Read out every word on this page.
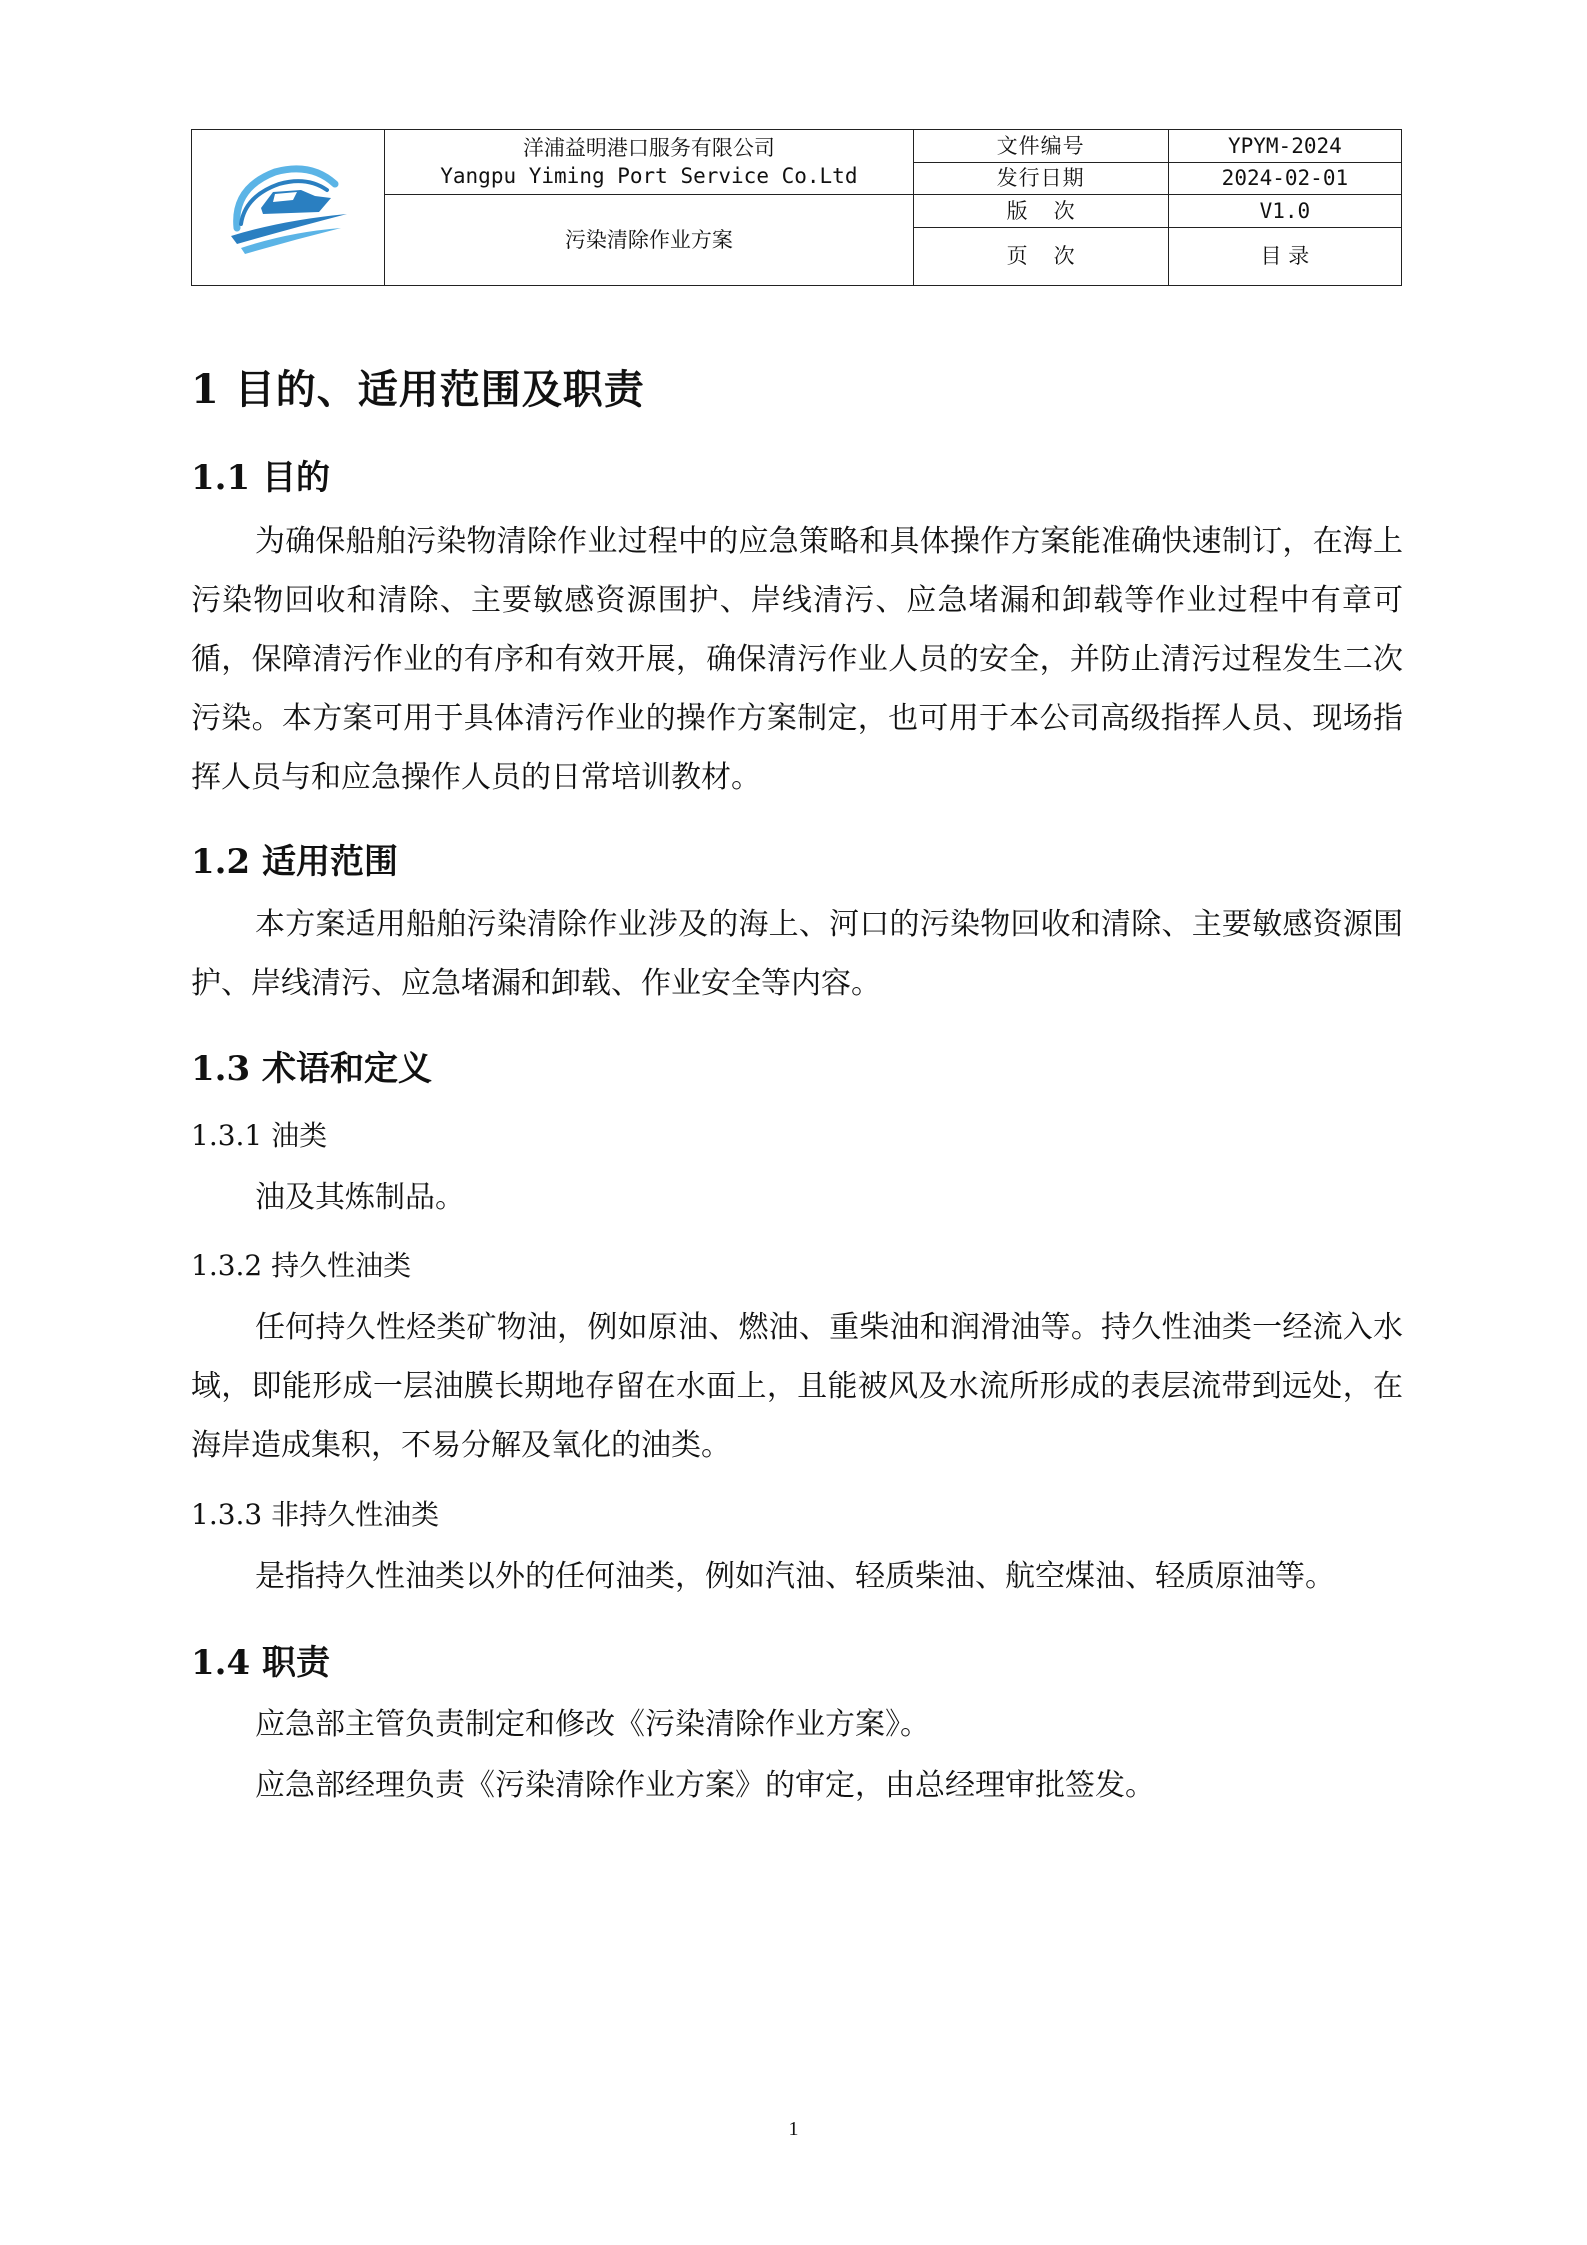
洋浦益明港口服务有限公司
Yangpu Yiming Port Service Co.Ltd	文件编号	YPYM-2024
		发行日期	2024-02-01
	污染清除作业方案	版次	V1.0
		页次	目 录
1 目的、适用范围及职责
1.1 目的

为确保船舶污染物清除作业过程中的应急策略和具体操作方案能准确快速制订，在海上污染物回收和清除、主要敏感资源围护、岸线清污、应急堵漏和卸载等作业过程中有章可循，保障清污作业的有序和有效开展，确保清污作业人员的安全，并防止清污过程发生二次污染。本方案可用于具体清污作业的操作方案制定，也可用于本公司高级指挥人员、现场指挥人员与和应急操作人员的日常培训教材。

1.2 适用范围

本方案适用船舶污染清除作业涉及的海上、河口的污染物回收和清除、主要敏感资源围护、岸线清污、应急堵漏和卸载、作业安全等内容。

1.3 术语和定义
1.3.1 油类

油及其炼制品。

1.3.2 持久性油类

任何持久性烃类矿物油，例如原油、燃油、重柴油和润滑油等。持久性油类一经流入水域，即能形成一层油膜长期地存留在水面上，且能被风及水流所形成的表层流带到远处，在海岸造成集积，不易分解及氧化的油类。

1.3.3 非持久性油类

是指持久性油类以外的任何油类，例如汽油、轻质柴油、航空煤油、轻质原油等。

1.4 职责

应急部主管负责制定和修改《污染清除作业方案》。

应急部经理负责《污染清除作业方案》的审定，由总经理审批签发。

1
